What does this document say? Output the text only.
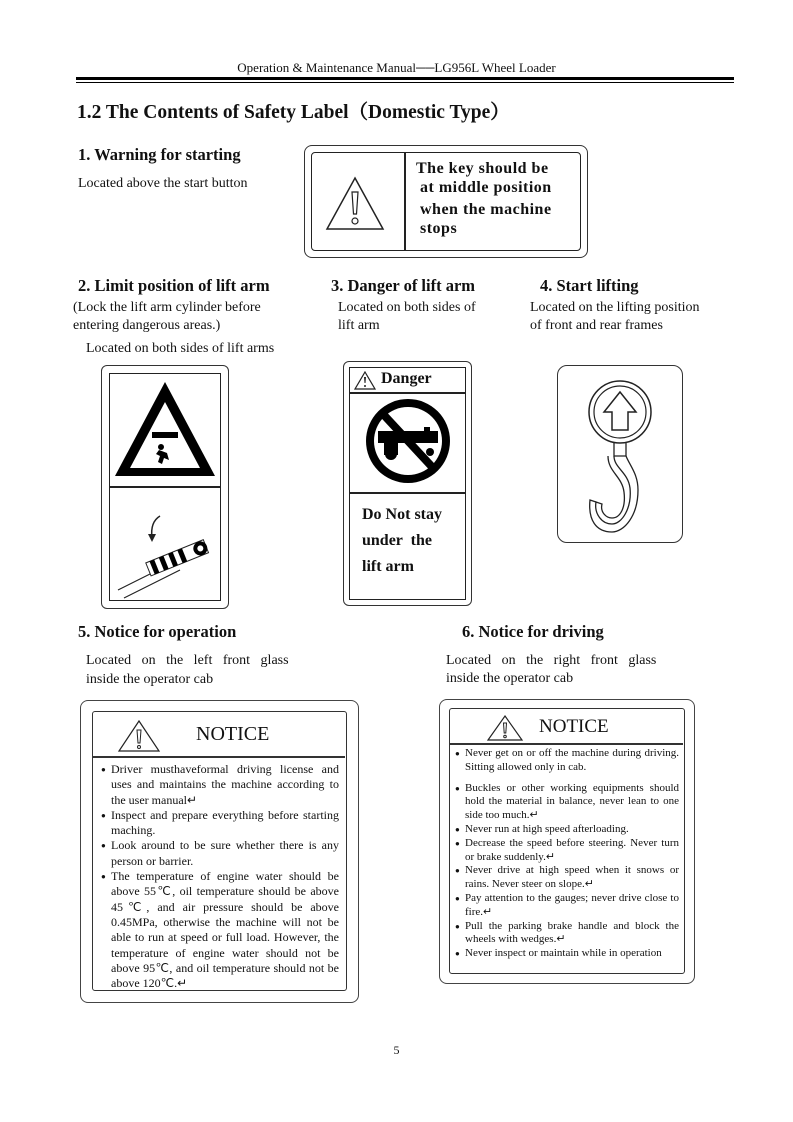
Operation & Maintenance Manual──LG956L Wheel Loader
1.2 The Contents of Safety Label（Domestic Type）
1. Warning for starting
Located above the start button
The key should be
at middle position
when the machine
stops
2. Limit position of lift arm
(Lock the lift arm cylinder before
entering dangerous areas.)
Located on both sides of lift arms
3. Danger of lift arm
Located on both sides of
lift arm
4. Start lifting
Located on the lifting position
of front and rear frames
Danger
Do Not stay
under  the
lift arm
5. Notice for operation
Located   on   the   left   front   glass
inside the operator cab
NOTICE
● Driver musthaveformal driving license and uses and maintains the machine according to the user manual↵
● Inspect and prepare everything before starting maching.
● Look around to be sure whether there is any person or barrier.
● The temperature of engine water should be above 55℃, oil temperature should be above 45℃, and air pressure should be above 0.45MPa, otherwise the machine will not be able to run at speed or full load. However, the temperature of engine water should not be above 95℃, and oil temperature should not be above 120℃.↵
6. Notice for driving
Located   on   the   right   front   glass
inside the operator cab
NOTICE
● Never get on or off the machine during driving. Sitting allowed only in cab.
● Buckles or other working equipments should hold the material in balance, never lean to one side too much.↵
● Never run at high speed afterloading.
● Decrease the speed before steering. Never turn or brake suddenly.↵
● Never drive at high speed when it snows or rains. Never steer on slope.↵
● Pay attention to the gauges; never drive close to fire.↵
● Pull the parking brake handle and block the wheels with wedges.↵
● Never inspect or maintain while in operation
5
